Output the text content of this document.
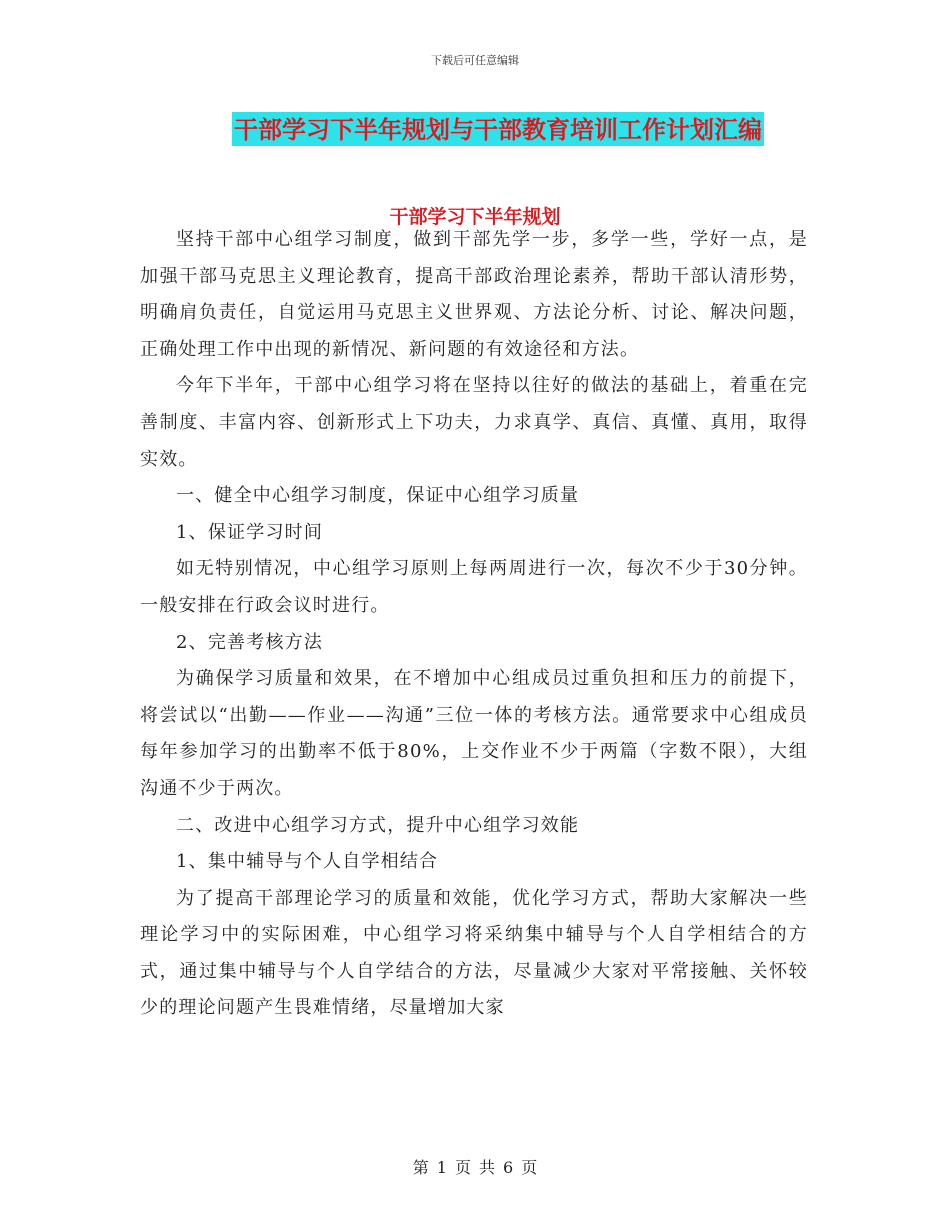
下载后可任意编辑
干部学习下半年规划与干部教育培训工作计划汇编
干部学习下半年规划

坚持干部中心组学习制度，做到干部先学一步，多学一些，学好一点，是加强干部马克思主义理论教育，提高干部政治理论素养，帮助干部认清形势，明确肩负责任，自觉运用马克思主义世界观、方法论分析、讨论、解决问题，正确处理工作中出现的新情况、新问题的有效途径和方法。

今年下半年，干部中心组学习将在坚持以往好的做法的基础上，着重在完善制度、丰富内容、创新形式上下功夫，力求真学、真信、真懂、真用，取得实效。

一、健全中心组学习制度，保证中心组学习质量

1、保证学习时间

如无特别情况，中心组学习原则上每两周进行一次，每次不少于30分钟。一般安排在行政会议时进行。

2、完善考核方法

为确保学习质量和效果，在不增加中心组成员过重负担和压力的前提下，将尝试以“出勤——作业——沟通”三位一体的考核方法。通常要求中心组成员每年参加学习的出勤率不低于80%，上交作业不少于两篇（字数不限），大组沟通不少于两次。

二、改进中心组学习方式，提升中心组学习效能

1、集中辅导与个人自学相结合

为了提高干部理论学习的质量和效能，优化学习方式，帮助大家解决一些理论学习中的实际困难，中心组学习将采纳集中辅导与个人自学相结合的方式，通过集中辅导与个人自学结合的方法，尽量减少大家对平常接触、关怀较少的理论问题产生畏难情绪，尽量增加大家

第 1 页 共 6 页
